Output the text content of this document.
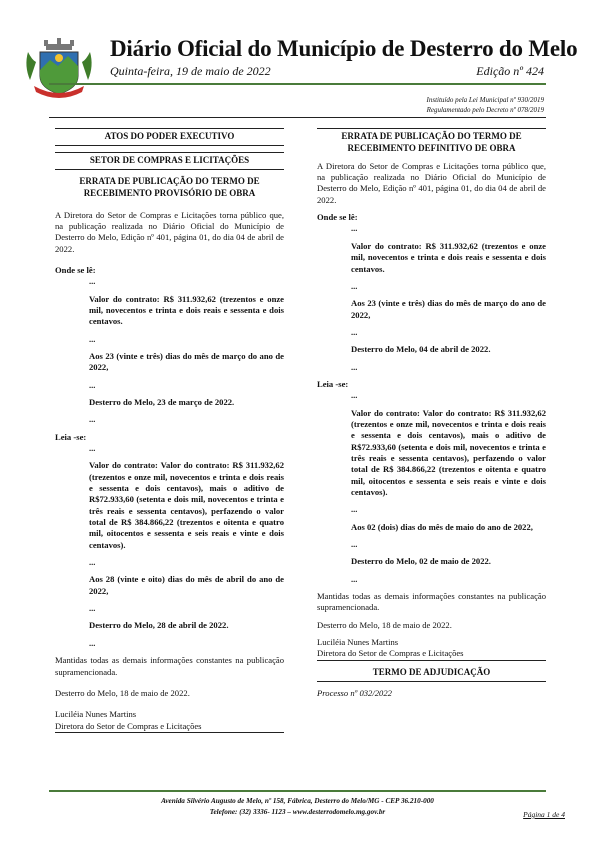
Diário Oficial do Município de Desterro do Melo
Quinta-feira, 19 de maio de 2022	Edição nº 424
Instituído pela Lei Municipal nº 930/2019
Regulamentado pelo Decreto nº 078/2019
ATOS DO PODER EXECUTIVO
SETOR DE COMPRAS E LICITAÇÕES
ERRATA DE PUBLICAÇÃO DO TERMO DE RECEBIMENTO PROVISÓRIO DE OBRA

A Diretora do Setor de Compras e Licitações torna público que, na publicação realizada no Diário Oficial do Município de Desterro do Melo, Edição nº 401, página 01, do dia 04 de abril de 2022.

Onde se lê:

...

Valor do contrato: R$ 311.932,62 (trezentos e onze mil, novecentos e trinta e dois reais e sessenta e dois centavos.

...

Aos 23 (vinte e três) dias do mês de março do ano de 2022,

...

Desterro do Melo, 23 de março de 2022.

...

Leia -se:

...

Valor do contrato: Valor do contrato: R$ 311.932,62 (trezentos e onze mil, novecentos e trinta e dois reais e sessenta e dois centavos), mais o aditivo de R$72.933,60 (setenta e dois mil, novecentos e trinta e três reais e sessenta centavos), perfazendo o valor total de R$ 384.866,22 (trezentos e oitenta e quatro mil, oitocentos e sessenta e seis reais e vinte e dois centavos).

...

Aos 28 (vinte e oito) dias do mês de abril do ano de 2022,

...

Desterro do Melo, 28 de abril de 2022.

...

Mantidas todas as demais informações constantes na publicação supramencionada.

Desterro do Melo, 18 de maio de 2022.

Luciléia Nunes Martins

Diretora do Setor de Compras e Licitações

ERRATA DE PUBLICAÇÃO DO TERMO DE RECEBIMENTO DEFINITIVO DE OBRA

A Diretora do Setor de Compras e Licitações torna público que, na publicação realizada no Diário Oficial do Município de Desterro do Melo, Edição nº 401, página 01, do dia 04 de abril de 2022.

Onde se lê:

...

Valor do contrato: R$ 311.932,62 (trezentos e onze mil, novecentos e trinta e dois reais e sessenta e dois centavos.

...

Aos 23 (vinte e três) dias do mês de março do ano de 2022,

...

Desterro do Melo, 04 de abril de 2022.

...

Leia -se:

...

Valor do contrato: Valor do contrato: R$ 311.932,62 (trezentos e onze mil, novecentos e trinta e dois reais e sessenta e dois centavos), mais o aditivo de R$72.933,60 (setenta e dois mil, novecentos e trinta e três reais e sessenta centavos), perfazendo o valor total de R$ 384.866,22 (trezentos e oitenta e quatro mil, oitocentos e sessenta e seis reais e vinte e dois centavos).

...

Aos 02 (dois) dias do mês de maio do ano de 2022,

...

Desterro do Melo, 02 de maio de 2022.

...

Mantidas todas as demais informações constantes na publicação supramencionada.

Desterro do Melo, 18 de maio de 2022.

Luciléia Nunes Martins

Diretora do Setor de Compras e Licitações

TERMO DE ADJUDICAÇÃO

Processo nº 032/2022

Avenida Silvério Augusto de Melo, nº 158, Fábrica, Desterro do Melo/MG - CEP 36.210-000
Telefone: (32) 3336- 1123 – www.desterrodomelo.mg.gov.br	Página 1 de 4
